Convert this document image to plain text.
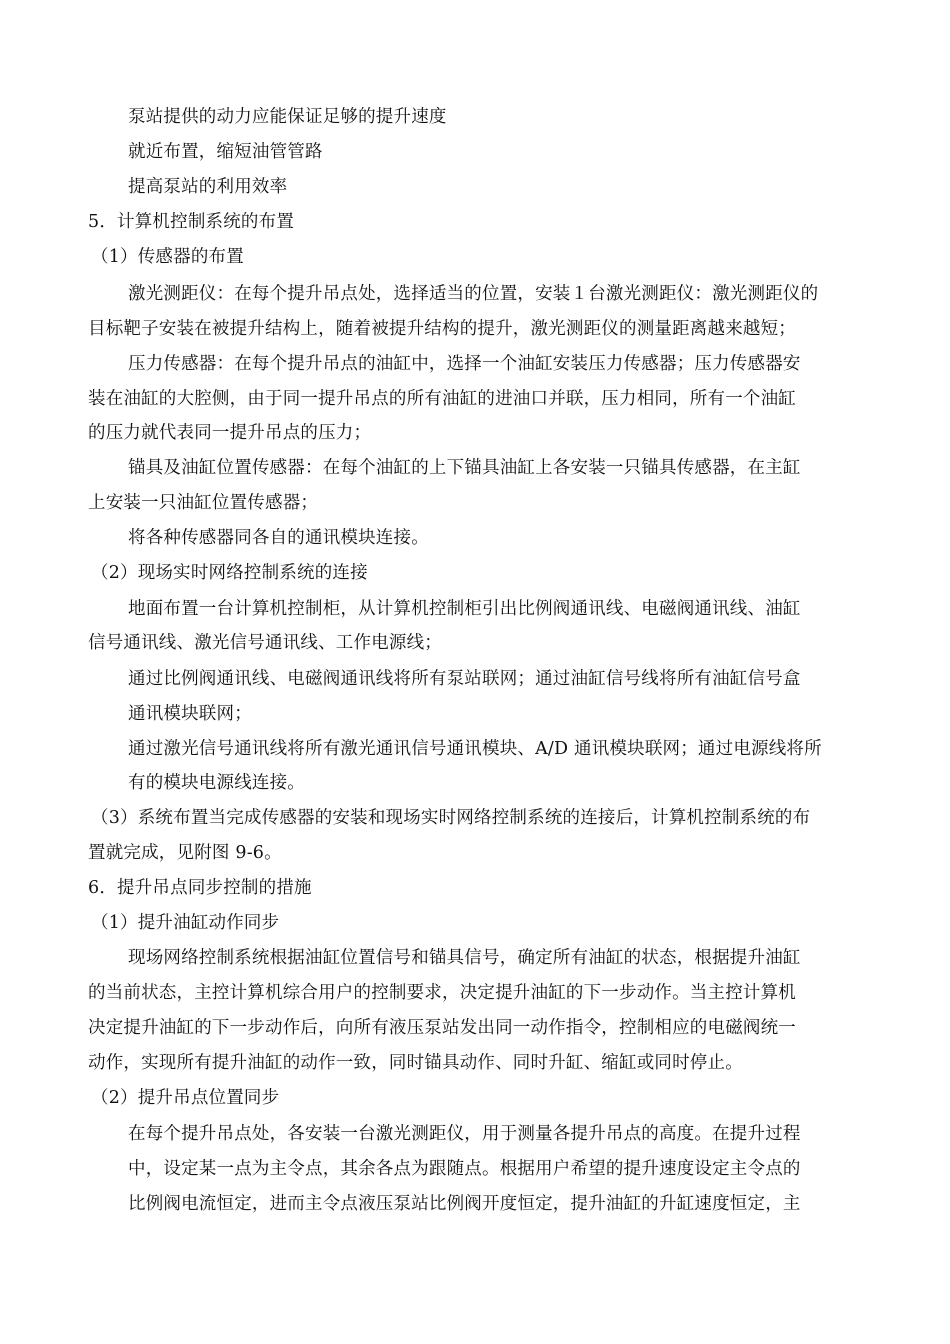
泵站提供的动力应能保证足够的提升速度
就近布置，缩短油管管路
提高泵站的利用效率
5．计算机控制系统的布置
（1）传感器的布置
激光测距仪：在每个提升吊点处，选择适当的位置，安装１台激光测距仪：激光测距仪的
目标靶子安装在被提升结构上，随着被提升结构的提升，激光测距仪的测量距离越来越短；
压力传感器：在每个提升吊点的油缸中，选择一个油缸安装压力传感器；压力传感器安
装在油缸的大腔侧，由于同一提升吊点的所有油缸的进油口并联，压力相同，所有一个油缸
的压力就代表同一提升吊点的压力；
锚具及油缸位置传感器：在每个油缸的上下锚具油缸上各安装一只锚具传感器，在主缸
上安装一只油缸位置传感器；
将各种传感器同各自的通讯模块连接。
（2）现场实时网络控制系统的连接
地面布置一台计算机控制柜，从计算机控制柜引出比例阀通讯线、电磁阀通讯线、油缸
信号通讯线、激光信号通讯线、工作电源线；
通过比例阀通讯线、电磁阀通讯线将所有泵站联网；通过油缸信号线将所有油缸信号盒
通讯模块联网；
通过激光信号通讯线将所有激光通讯信号通讯模块、A/D 通讯模块联网；通过电源线将所
有的模块电源线连接。
（3）系统布置当完成传感器的安装和现场实时网络控制系统的连接后，计算机控制系统的布
置就完成，见附图 9-6。
6．提升吊点同步控制的措施
（1）提升油缸动作同步
现场网络控制系统根据油缸位置信号和锚具信号，确定所有油缸的状态，根据提升油缸
的当前状态，主控计算机综合用户的控制要求，决定提升油缸的下一步动作。当主控计算机
决定提升油缸的下一步动作后，向所有液压泵站发出同一动作指令，控制相应的电磁阀统一
动作，实现所有提升油缸的动作一致，同时锚具动作、同时升缸、缩缸或同时停止。
（2）提升吊点位置同步
在每个提升吊点处，各安装一台激光测距仪，用于测量各提升吊点的高度。在提升过程
中，设定某一点为主令点，其余各点为跟随点。根据用户希望的提升速度设定主令点的
比例阀电流恒定，进而主令点液压泵站比例阀开度恒定，提升油缸的升缸速度恒定，主
